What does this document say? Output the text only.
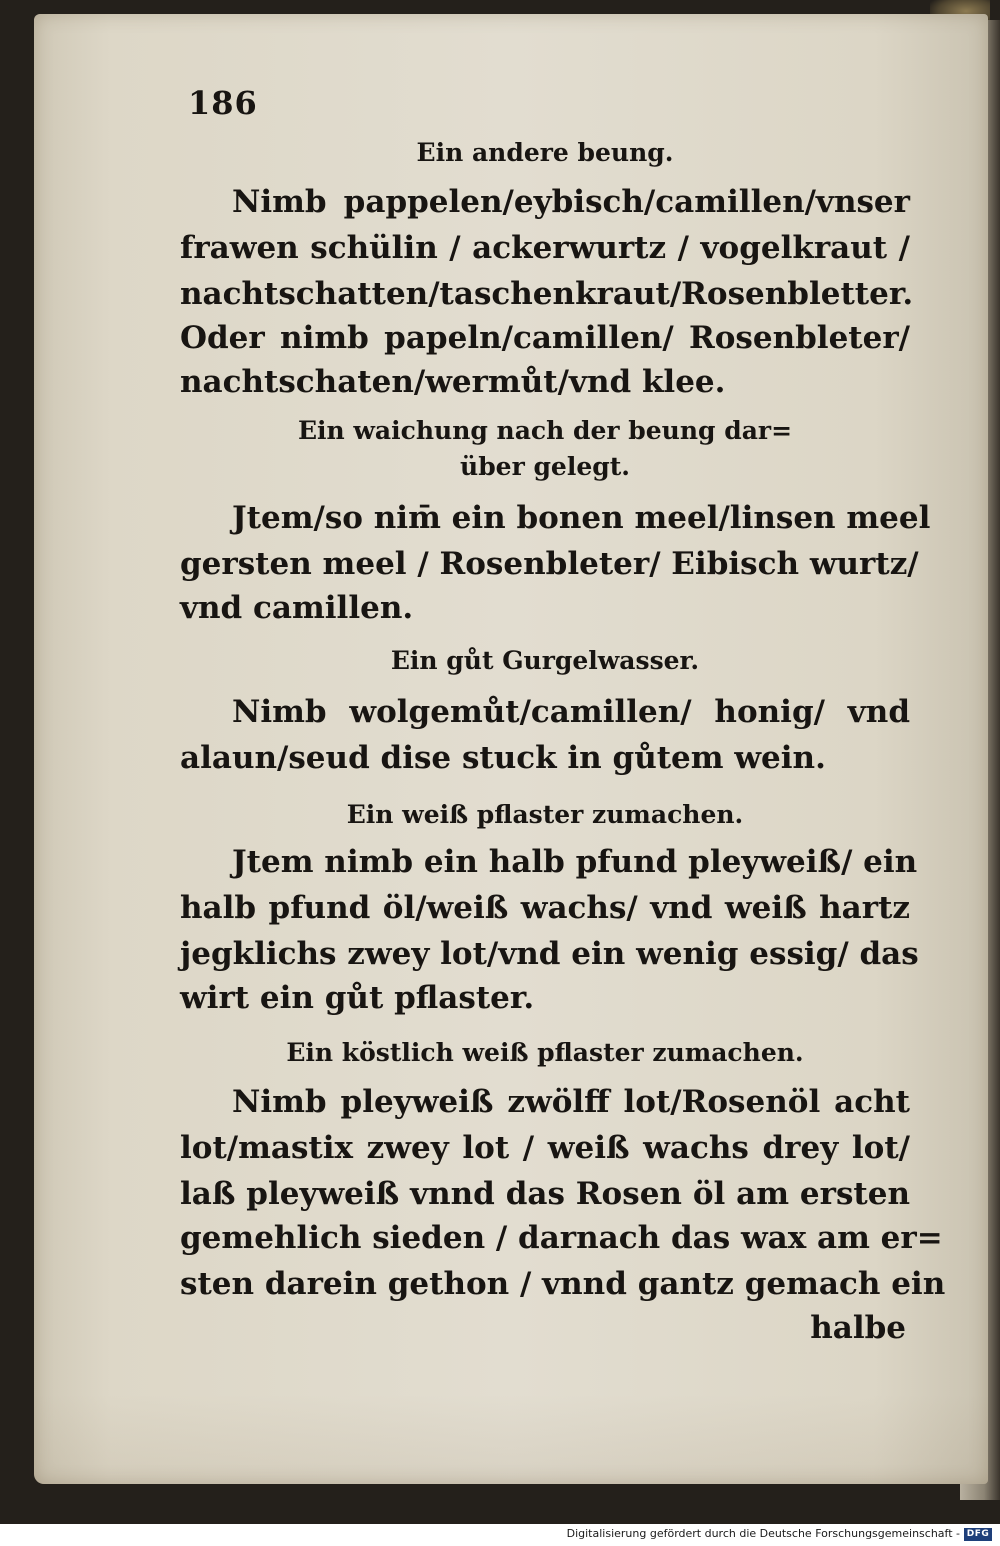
186
Ein andere beung.
Nimb pappelen/eybisch/camillen/vnser
frawen schülin / ackerwurtz / vogelkraut /
nachtschatten/taschenkraut/Rosenbletter.
Oder nimb papeln/camillen/ Rosenbleter/
nachtschaten/wermůt/vnd klee.
Ein waichung nach der beung dar=
über gelegt.
Jtem/so nim̄ ein bonen meel/linsen meel
gersten meel / Rosenbleter/ Eibisch wurtz/
vnd camillen.
Ein gůt Gurgelwasser.
Nimb wolgemůt/camillen/ honig/ vnd
alaun/seud dise stuck in gůtem wein.
Ein weiß pflaster zumachen.
Jtem nimb ein halb pfund pleyweiß/ ein
halb pfund öl/weiß wachs/ vnd weiß hartz
jegklichs zwey lot/vnd ein wenig essig/ das
wirt ein gůt pflaster.
Ein köstlich weiß pflaster zumachen.
Nimb pleyweiß zwölff lot/Rosenöl acht
lot/mastix zwey lot / weiß wachs drey lot/
laß pleyweiß vnnd das Rosen öl am ersten
gemehlich sieden / darnach das wax am er=
sten darein gethon / vnnd gantz gemach ein
halbe
Digitalisierung gefördert durch die Deutsche Forschungsgemeinschaft - DFG
